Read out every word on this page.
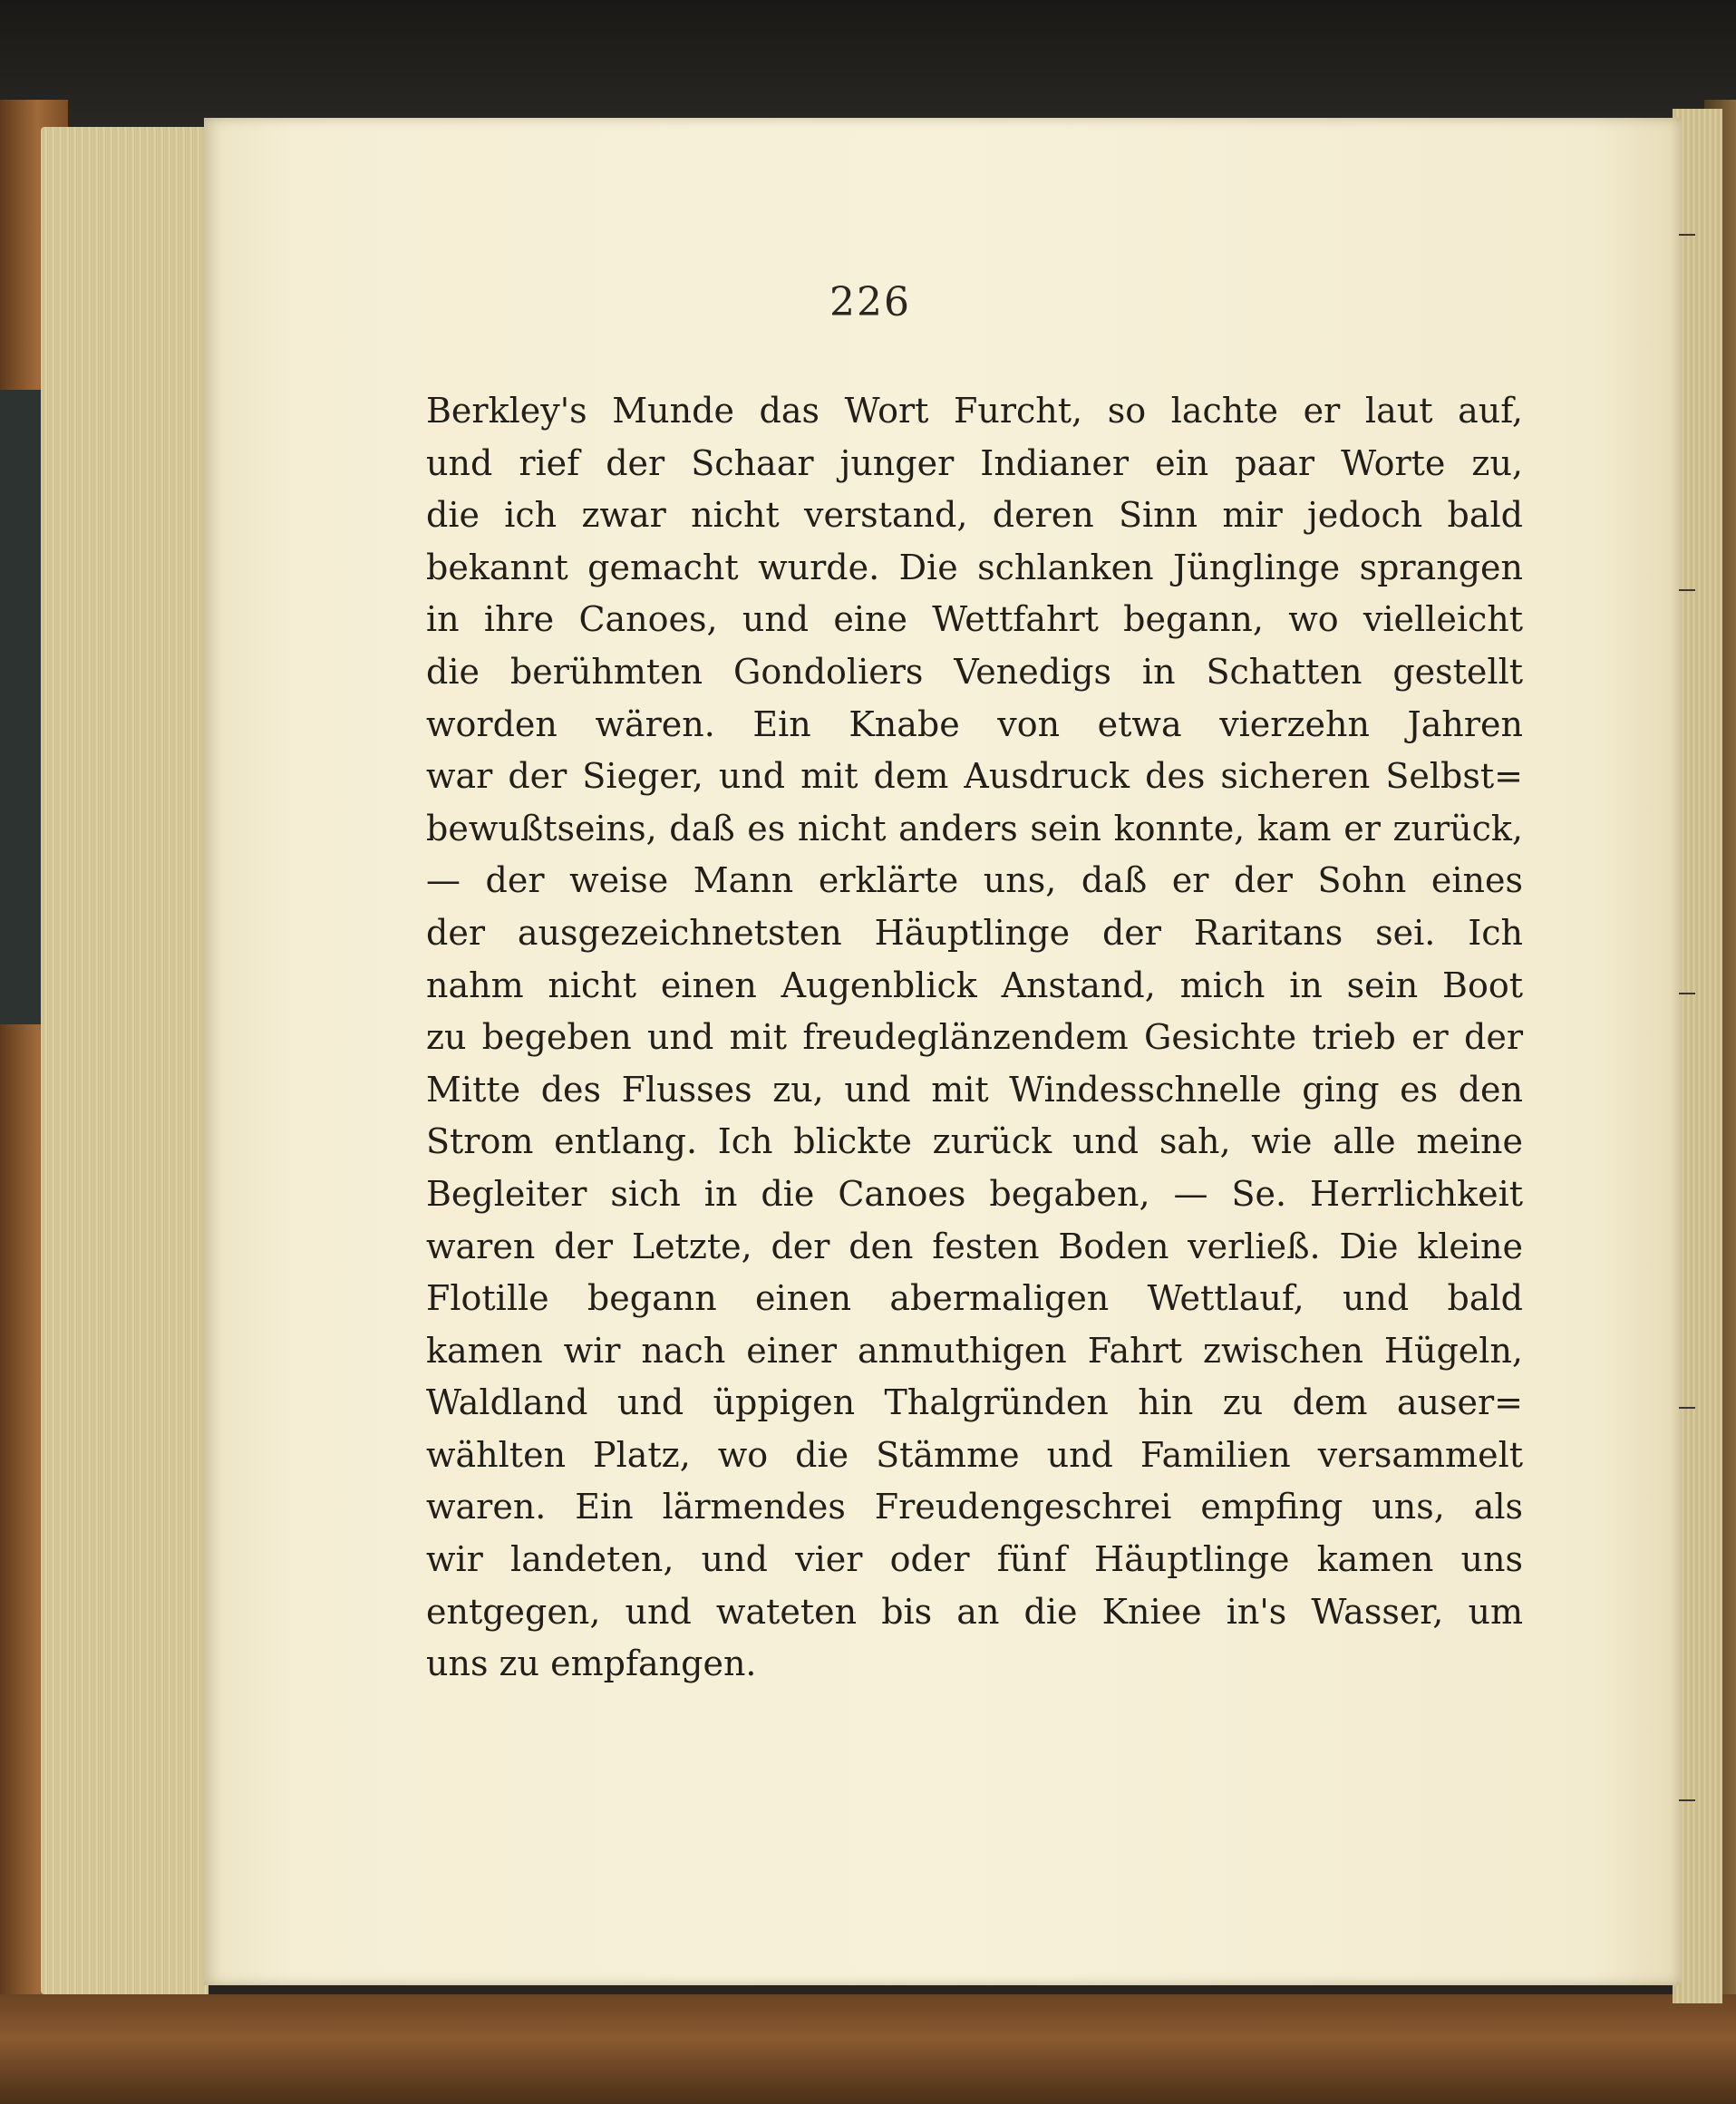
226
Berkley's Munde das Wort Furcht, so lachte er laut auf,
und rief der Schaar junger Indianer ein paar Worte zu,
die ich zwar nicht verstand, deren Sinn mir jedoch bald
bekannt gemacht wurde. Die schlanken Jünglinge sprangen
in ihre Canoes, und eine Wettfahrt begann, wo vielleicht
die berühmten Gondoliers Venedigs in Schatten gestellt
worden wären. Ein Knabe von etwa vierzehn Jahren
war der Sieger, und mit dem Ausdruck des sicheren Selbst=
bewußtseins, daß es nicht anders sein konnte, kam er zurück,
— der weise Mann erklärte uns, daß er der Sohn eines
der ausgezeichnetsten Häuptlinge der Raritans sei. Ich
nahm nicht einen Augenblick Anstand, mich in sein Boot
zu begeben und mit freudeglänzendem Gesichte trieb er der
Mitte des Flusses zu, und mit Windesschnelle ging es den
Strom entlang. Ich blickte zurück und sah, wie alle meine
Begleiter sich in die Canoes begaben, — Se. Herrlichkeit
waren der Letzte, der den festen Boden verließ. Die kleine
Flotille begann einen abermaligen Wettlauf, und bald
kamen wir nach einer anmuthigen Fahrt zwischen Hügeln,
Waldland und üppigen Thalgründen hin zu dem auser=
wählten Platz, wo die Stämme und Familien versammelt
waren. Ein lärmendes Freudengeschrei empfing uns, als
wir landeten, und vier oder fünf Häuptlinge kamen uns
entgegen, und wateten bis an die Kniee in's Wasser, um
uns zu empfangen.
